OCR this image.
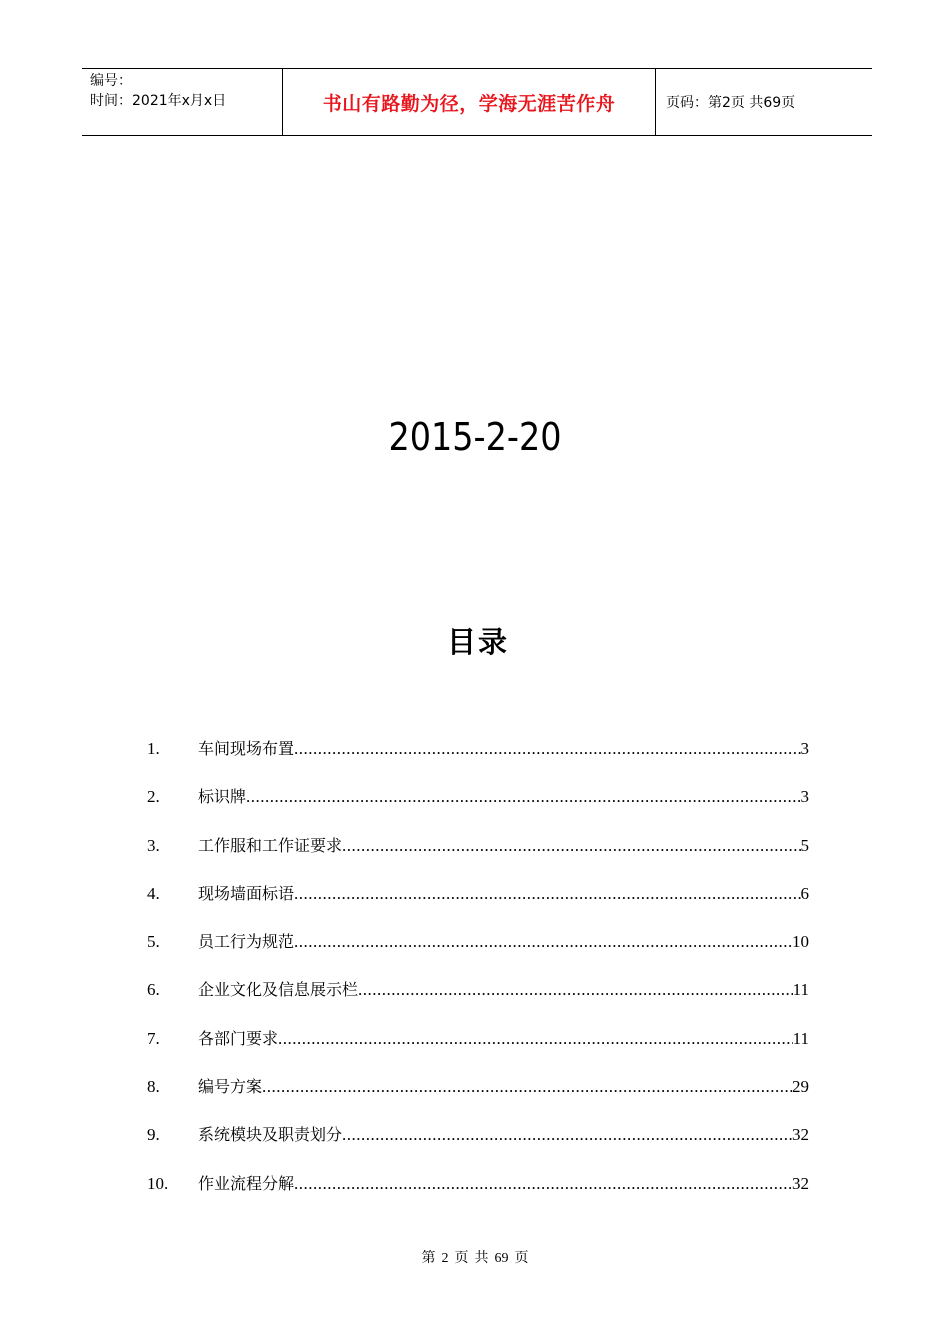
编号：
时间：2021年x月x日	书山有路勤为径，学海无涯苦作舟	页码：第2页 共69页
2015-2-20
目录
1.	车间现场布置 .....	3
2.	标识牌 .....	3
3.	工作服和工作证要求 .....	5
4.	现场墙面标语 .....	6
5.	员工行为规范 .....	10
6.	企业文化及信息展示栏 .....	11
7.	各部门要求 .....	11
8.	编号方案 .....	29
9.	系统模块及职责划分 .....	32
10.	作业流程分解 .....	32
第 2 页 共 69 页
